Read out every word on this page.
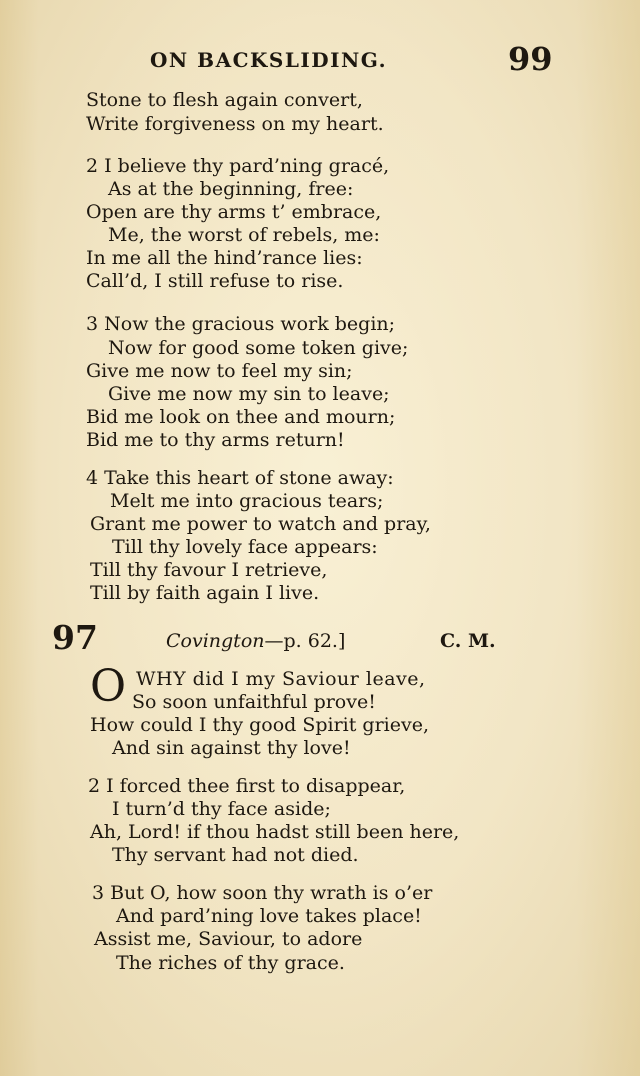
ON BACKSLIDING.	99
Stone to flesh again convert,
Write forgiveness on my heart.
2 I believe thy pard’ning gracé,
As at the beginning, free:
Open are thy arms t’ embrace,
Me, the worst of rebels, me:
In me all the hind’rance lies:
Call’d, I still refuse to rise.
3 Now the gracious work begin;
Now for good some token give;
Give me now to feel my sin;
Give me now my sin to leave;
Bid me look on thee and mourn;
Bid me to thy arms return!
4 Take this heart of stone away:
Melt me into gracious tears;
Grant me power to watch and pray,
Till thy lovely face appears:
Till thy favour I retrieve,
Till by faith again I live.
97	Covington—p. 62.]	C. M.
O WHY did I my Saviour leave,
So soon unfaithful prove!
How could I thy good Spirit grieve,
And sin against thy love!
2 I forced thee first to disappear,
I turn’d thy face aside;
Ah, Lord! if thou hadst still been here,
Thy servant had not died.
3 But O, how soon thy wrath is o’er
And pard’ning love takes place!
Assist me, Saviour, to adore
The riches of thy grace.
